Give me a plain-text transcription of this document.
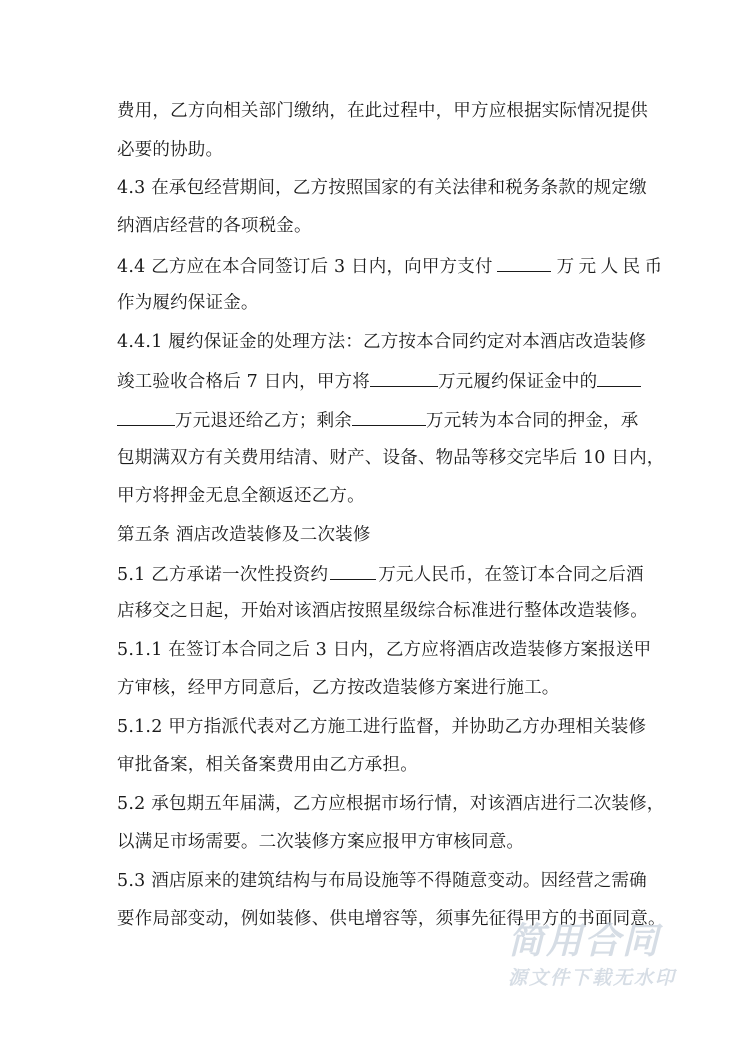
费用，乙方向相关部门缴纳，在此过程中，甲方应根据实际情况提供
必要的协助。
4.3 在承包经营期间，乙方按照国家的有关法律和税务条款的规定缴
纳酒店经营的各项税金。
4.4 乙方应在本合同签订后 3 日内，向甲方支付	万元人民币
作为履约保证金。
4.4.1 履约保证金的处理方法：乙方按本合同约定对本酒店改造装修
竣工验收合格后 7 日内，甲方将	万元履约保证金中的
万元退还给乙方；剩余	万元转为本合同的押金，承
包期满双方有关费用结清、财产、设备、物品等移交完毕后 10 日内，
甲方将押金无息全额返还乙方。
第五条 酒店改造装修及二次装修
5.1 乙方承诺一次性投资约	万元人民币，在签订本合同之后酒
店移交之日起，开始对该酒店按照星级综合标准进行整体改造装修。
5.1.1 在签订本合同之后 3 日内，乙方应将酒店改造装修方案报送甲
方审核，经甲方同意后，乙方按改造装修方案进行施工。
5.1.2 甲方指派代表对乙方施工进行监督，并协助乙方办理相关装修
审批备案，相关备案费用由乙方承担。
5.2 承包期五年届满，乙方应根据市场行情，对该酒店进行二次装修，
以满足市场需要。二次装修方案应报甲方审核同意。
5.3 酒店原来的建筑结构与布局设施等不得随意变动。因经营之需确
要作局部变动，例如装修、供电增容等，须事先征得甲方的书面同意。
简用合同
源文件下载无水印
